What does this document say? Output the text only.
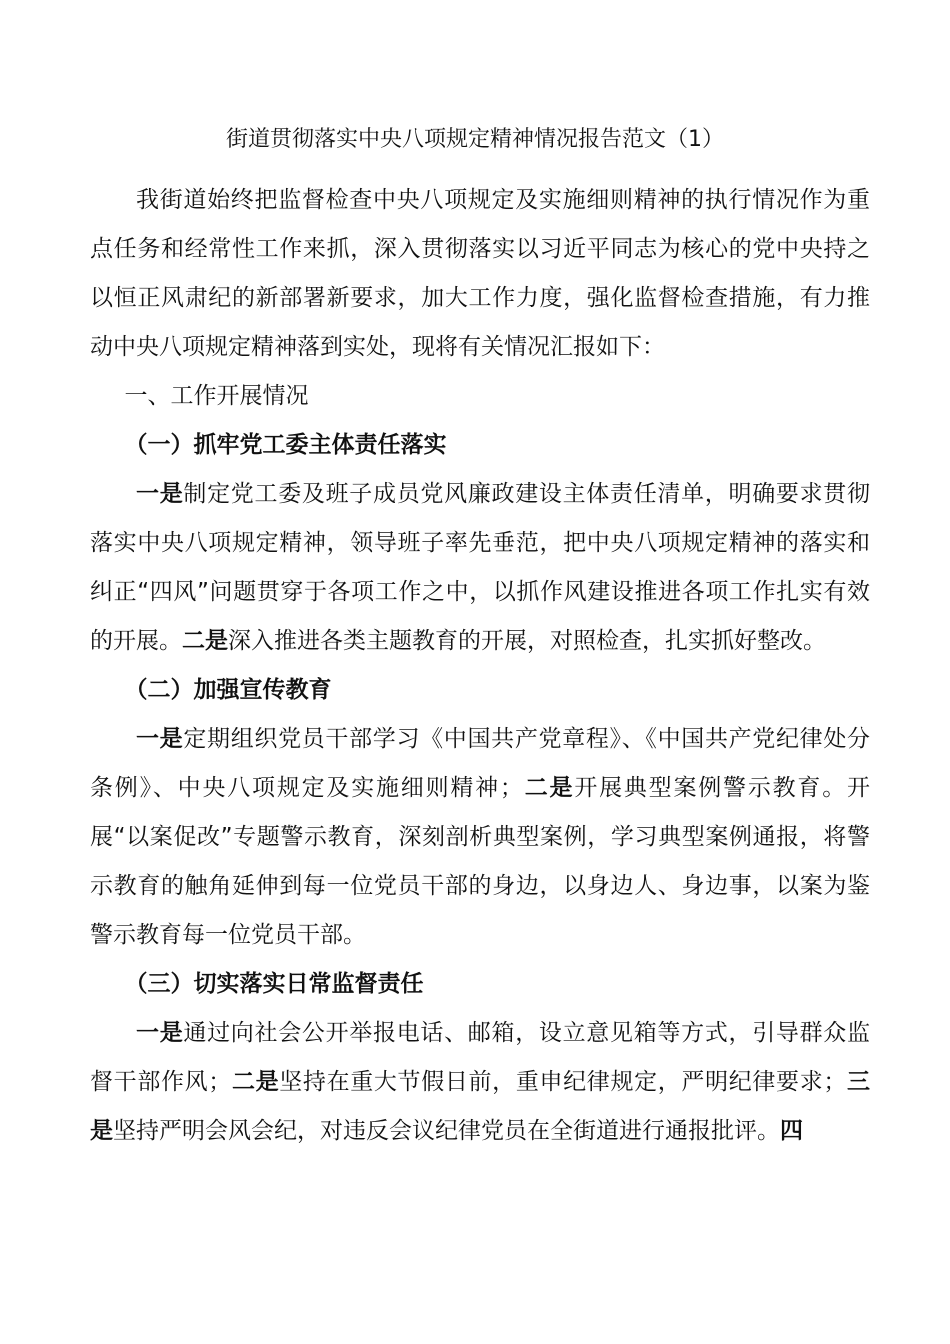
街道贯彻落实中央八项规定精神情况报告范文（1）

我街道始终把监督检查中央八项规定及实施细则精神的执行情况作为重点任务和经常性工作来抓，深入贯彻落实以习近平同志为核心的党中央持之以恒正风肃纪的新部署新要求，加大工作力度，强化监督检查措施，有力推动中央八项规定精神落到实处，现将有关情况汇报如下：

一、工作开展情况

（一）抓牢党工委主体责任落实

一是制定党工委及班子成员党风廉政建设主体责任清单，明确要求贯彻落实中央八项规定精神，领导班子率先垂范，把中央八项规定精神的落实和纠正“四风”问题贯穿于各项工作之中，以抓作风建设推进各项工作扎实有效的开展。二是深入推进各类主题教育的开展，对照检查，扎实抓好整改。

（二）加强宣传教育

一是定期组织党员干部学习《中国共产党章程》、《中国共产党纪律处分条例》、中央八项规定及实施细则精神；二是开展典型案例警示教育。开展“以案促改”专题警示教育，深刻剖析典型案例，学习典型案例通报，将警示教育的触角延伸到每一位党员干部的身边，以身边人、身边事，以案为鉴警示教育每一位党员干部。

（三）切实落实日常监督责任

一是通过向社会公开举报电话、邮箱，设立意见箱等方式，引导群众监督干部作风；二是坚持在重大节假日前，重申纪律规定，严明纪律要求；三是坚持严明会风会纪，对违反会议纪律党员在全街道进行通报批评。四
